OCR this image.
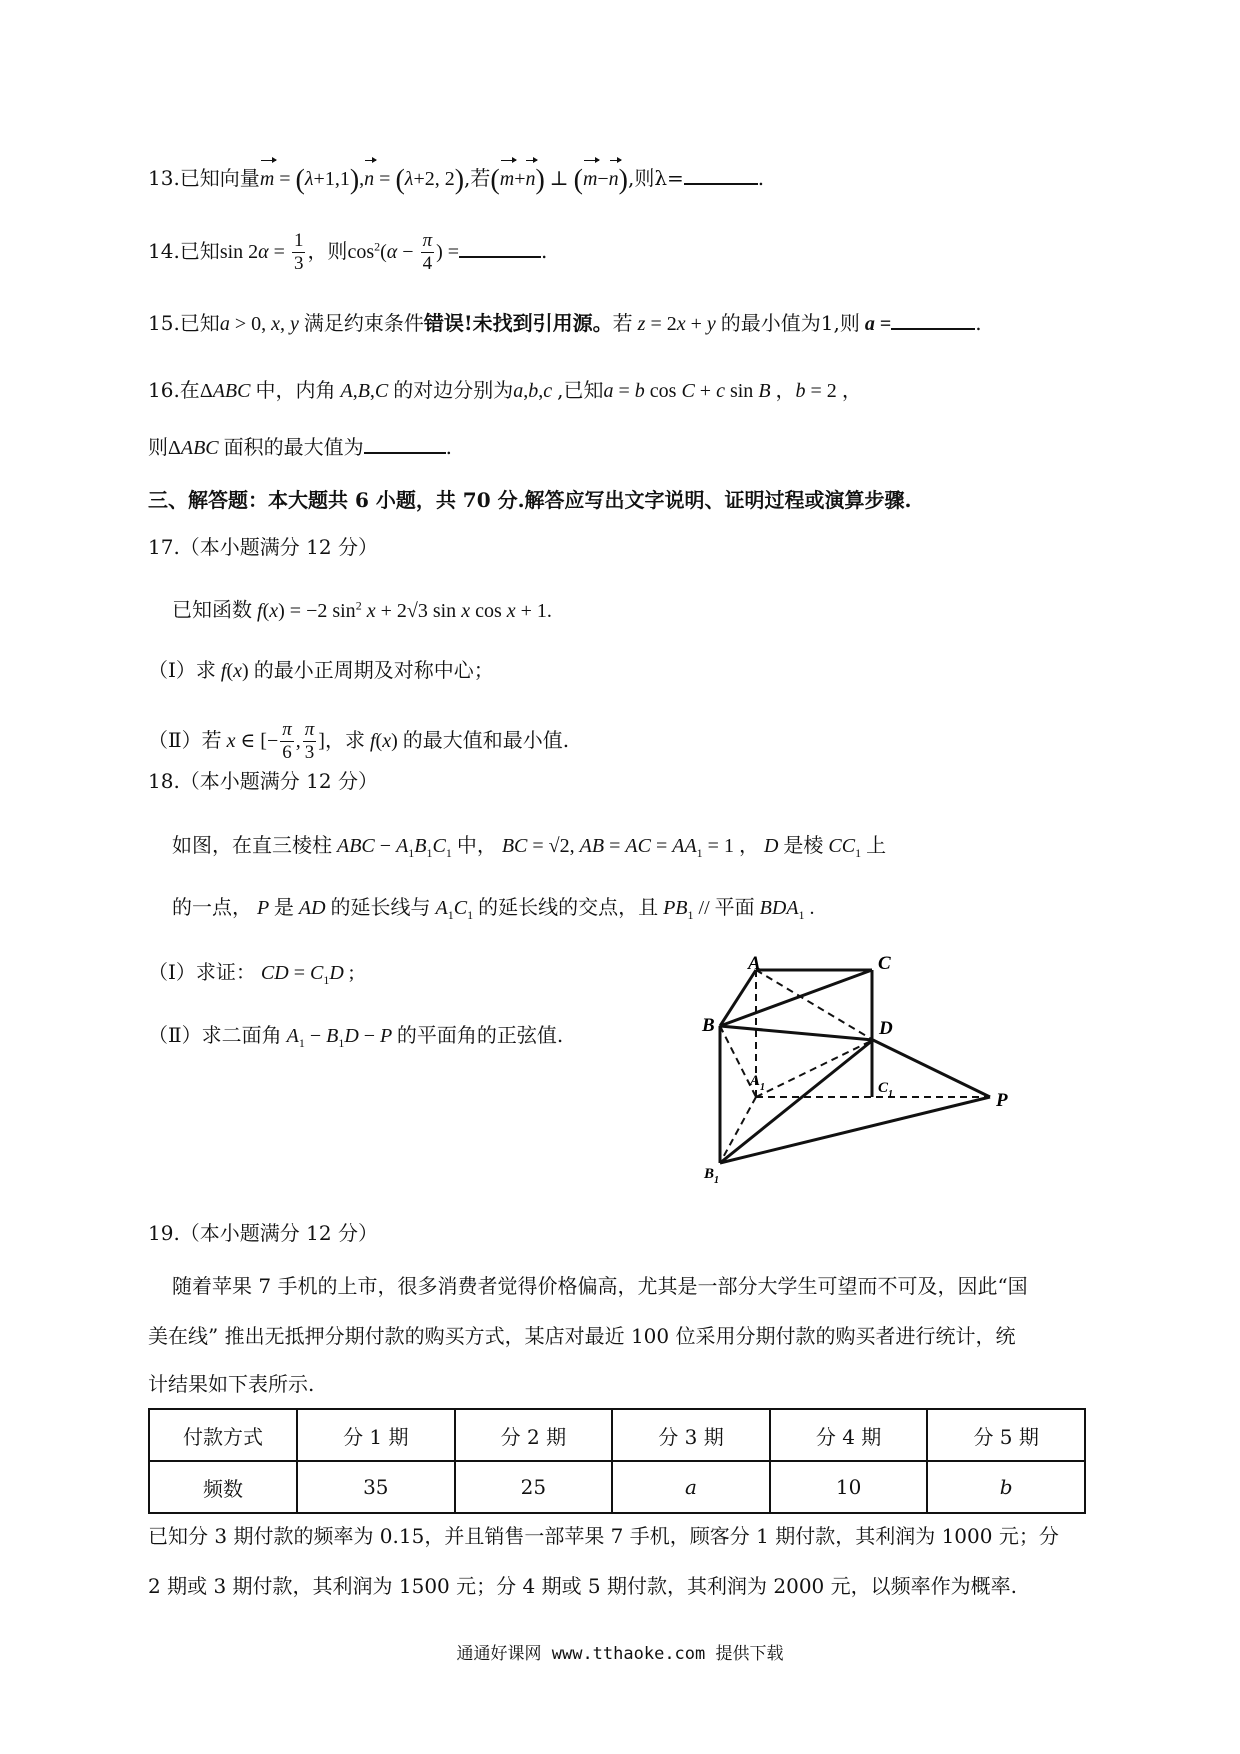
13.已知向量m = (λ+1,1),n = (λ+2, 2),若(m+n) ⊥ (m−n),则λ=	.
14.已知$\sin 2\alpha = \frac{1}{3}$ ，则$\cos^2(\alpha - \frac{\pi}{4}$ ) =	.
15.已知a > 0, x, y 满足约束条件错误!未找到引用源。若 z = 2x + y 的最小值为1,则 a =	.
16.在ΔABC 中，内角 A,B,C 的对边分别为a,b,c ,已知a = b cos C + c sin B ，b = 2 ，
则ΔABC 面积的最大值为	.
三、解答题：本大题共 6 小题，共 70 分.解答应写出文字说明、证明过程或演算步骤.
17.（本小题满分 12 分）
已知函数 f(x) = −2 $\sin^2 x + 2√3$ sin x cos x + 1.
（Ⅰ）求 f(x) 的最小正周期及对称中心；
（Ⅱ）若 x ∈ [− $\frac{\pi}{6}$ , $\frac{\pi}{3}$ ]，求 f(x) 的最大值和最小值.
18.（本小题满分 12 分）
如图，在直三棱柱 ABC − $A_1B_1C_1$ 中， BC = √2, AB = AC = $AA_1 = 1$ ， D 是棱 $CC_1$ 上
的一点， P 是 AD 的延长线与 $A_1C_1$ 的延长线的交点，且 $PB_1$ // 平面 $BDA_1$ .
（Ⅰ）求证： CD = $C_1D$ ;
（Ⅱ）求二面角 $A_1 - B_1D - P$ 的平面角的正弦值.
A	C
B	D
A 1	C 1	P
B 1
19.（本小题满分 12 分）
随着苹果 7 手机的上市，很多消费者觉得价格偏高，尤其是一部分大学生可望而不可及，因此“国
美在线” 推出无抵押分期付款的购买方式，某店对最近 100 位采用分期付款的购买者进行统计，统
计结果如下表所示.
付款方式	分 1 期	分 2 期	分 3 期	分 4 期	分 5 期
频数	35	25	a	10	b
已知分 3 期付款的频率为 0.15，并且销售一部苹果 7 手机，顾客分 1 期付款，其利润为 1000 元；分
2 期或 3 期付款，其利润为 1500 元；分 4 期或 5 期付款，其利润为 2000 元，以频率作为概率.
通通好课网 www.tthaoke.com 提供下载
